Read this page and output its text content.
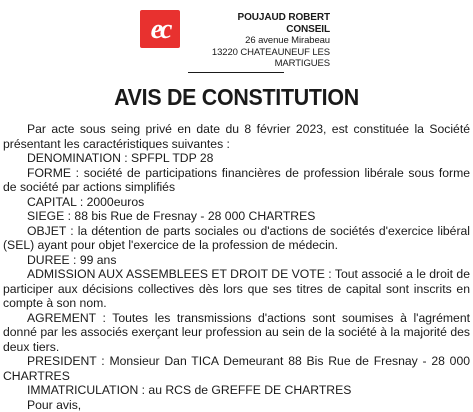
ec	POUJAUD ROBERT
CONSEIL
26 avenue Mirabeau
13220 CHATEAUNEUF LES MARTIGUES
AVIS DE CONSTITUTION

Par acte sous seing privé en date du 8 février 2023, est constituée la Société présentant les caractéristiques suivantes :

DENOMINATION : SPFPL TDP 28

FORME : société de participations financières de profession libérale sous forme de société par actions simplifiés

CAPITAL : 2000euros

SIEGE : 88 bis Rue de Fresnay - 28 000 CHARTRES

OBJET : la détention de parts sociales ou d'actions de sociétés d'exercice libéral (SEL) ayant pour objet l'exercice de la profession de médecin.

DUREE : 99 ans

ADMISSION AUX ASSEMBLEES ET DROIT DE VOTE : Tout associé a le droit de participer aux décisions collectives dès lors que ses titres de capital sont inscrits en compte à son nom.

AGREMENT : Toutes les transmissions d'actions sont soumises à l'agrément donné par les associés exerçant leur profession au sein de la société à la majorité des deux tiers.

PRESIDENT : Monsieur Dan TICA Demeurant 88 Bis Rue de Fresnay - 28 000 CHARTRES

IMMATRICULATION : au RCS de GREFFE DE CHARTRES

Pour avis,
